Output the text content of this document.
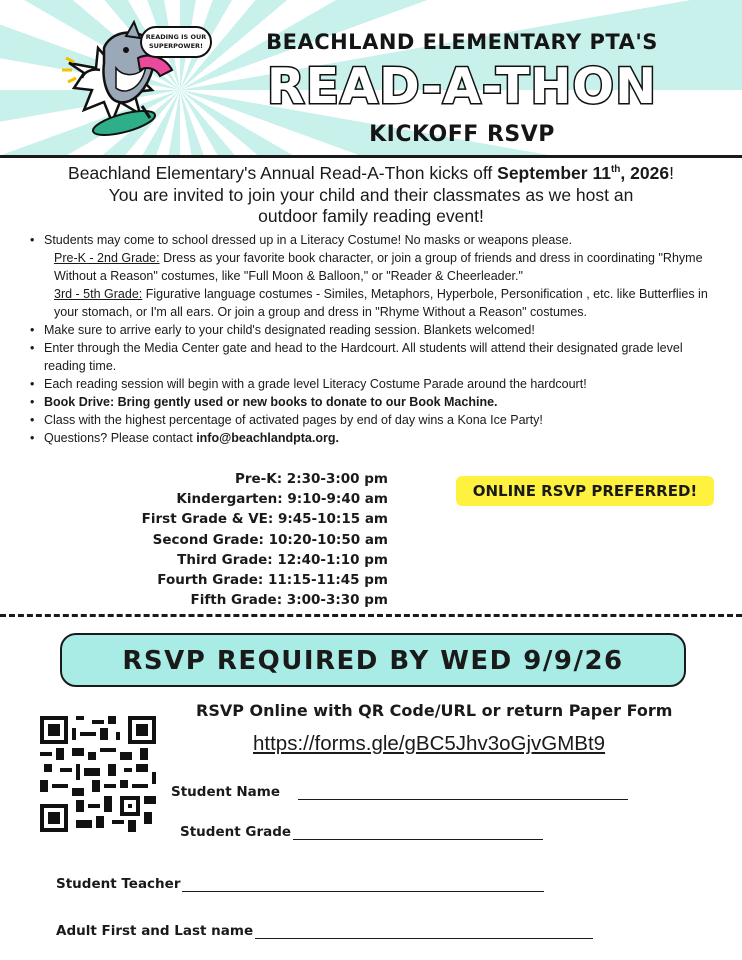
READING IS OUR
SUPERPOWER!	BEACHLAND ELEMENTARY PTA'S
READ-A-THON
KICKOFF RSVP
Beachland Elementary's Annual Read-A-Thon kicks off September 11th, 2026!
You are invited to join your child and their classmates as we host an
outdoor family reading event!
• Students may come to school dressed up in a Literacy Costume! No masks or weapons please.
Pre-K - 2nd Grade: Dress as your favorite book character, or join a group of friends and dress in coordinating "Rhyme Without a Reason" costumes, like "Full Moon & Balloon," or "Reader & Cheerleader."
3rd - 5th Grade: Figurative language costumes - Similes, Metaphors, Hyperbole, Personification , etc. like Butterflies in your stomach, or I'm all ears. Or join a group and dress in "Rhyme Without a Reason" costumes.
• Make sure to arrive early to your child's designated reading session. Blankets welcomed!
• Enter through the Media Center gate and head to the Hardcourt. All students will attend their designated grade level reading time.
• Each reading session will begin with a grade level Literacy Costume Parade around the hardcourt!
• Book Drive: Bring gently used or new books to donate to our Book Machine.
• Class with the highest percentage of activated pages by end of day wins a Kona Ice Party!
• Questions? Please contact info@beachlandpta.org.
Pre-K: 2:30-3:00 pm
Kindergarten: 9:10-9:40 am
First Grade & VE: 9:45-10:15 am
Second Grade: 10:20-10:50 am
Third Grade: 12:40-1:10 pm
Fourth Grade: 11:15-11:45 pm
Fifth Grade: 3:00-3:30 pm
ONLINE RSVP PREFERRED!
RSVP REQUIRED BY WED 9/9/26
RSVP Online with QR Code/URL or return Paper Form
https://forms.gle/gBC5Jhv3oGjvGMBt9
Student Name
Student Grade
Student Teacher
Adult First and Last name
